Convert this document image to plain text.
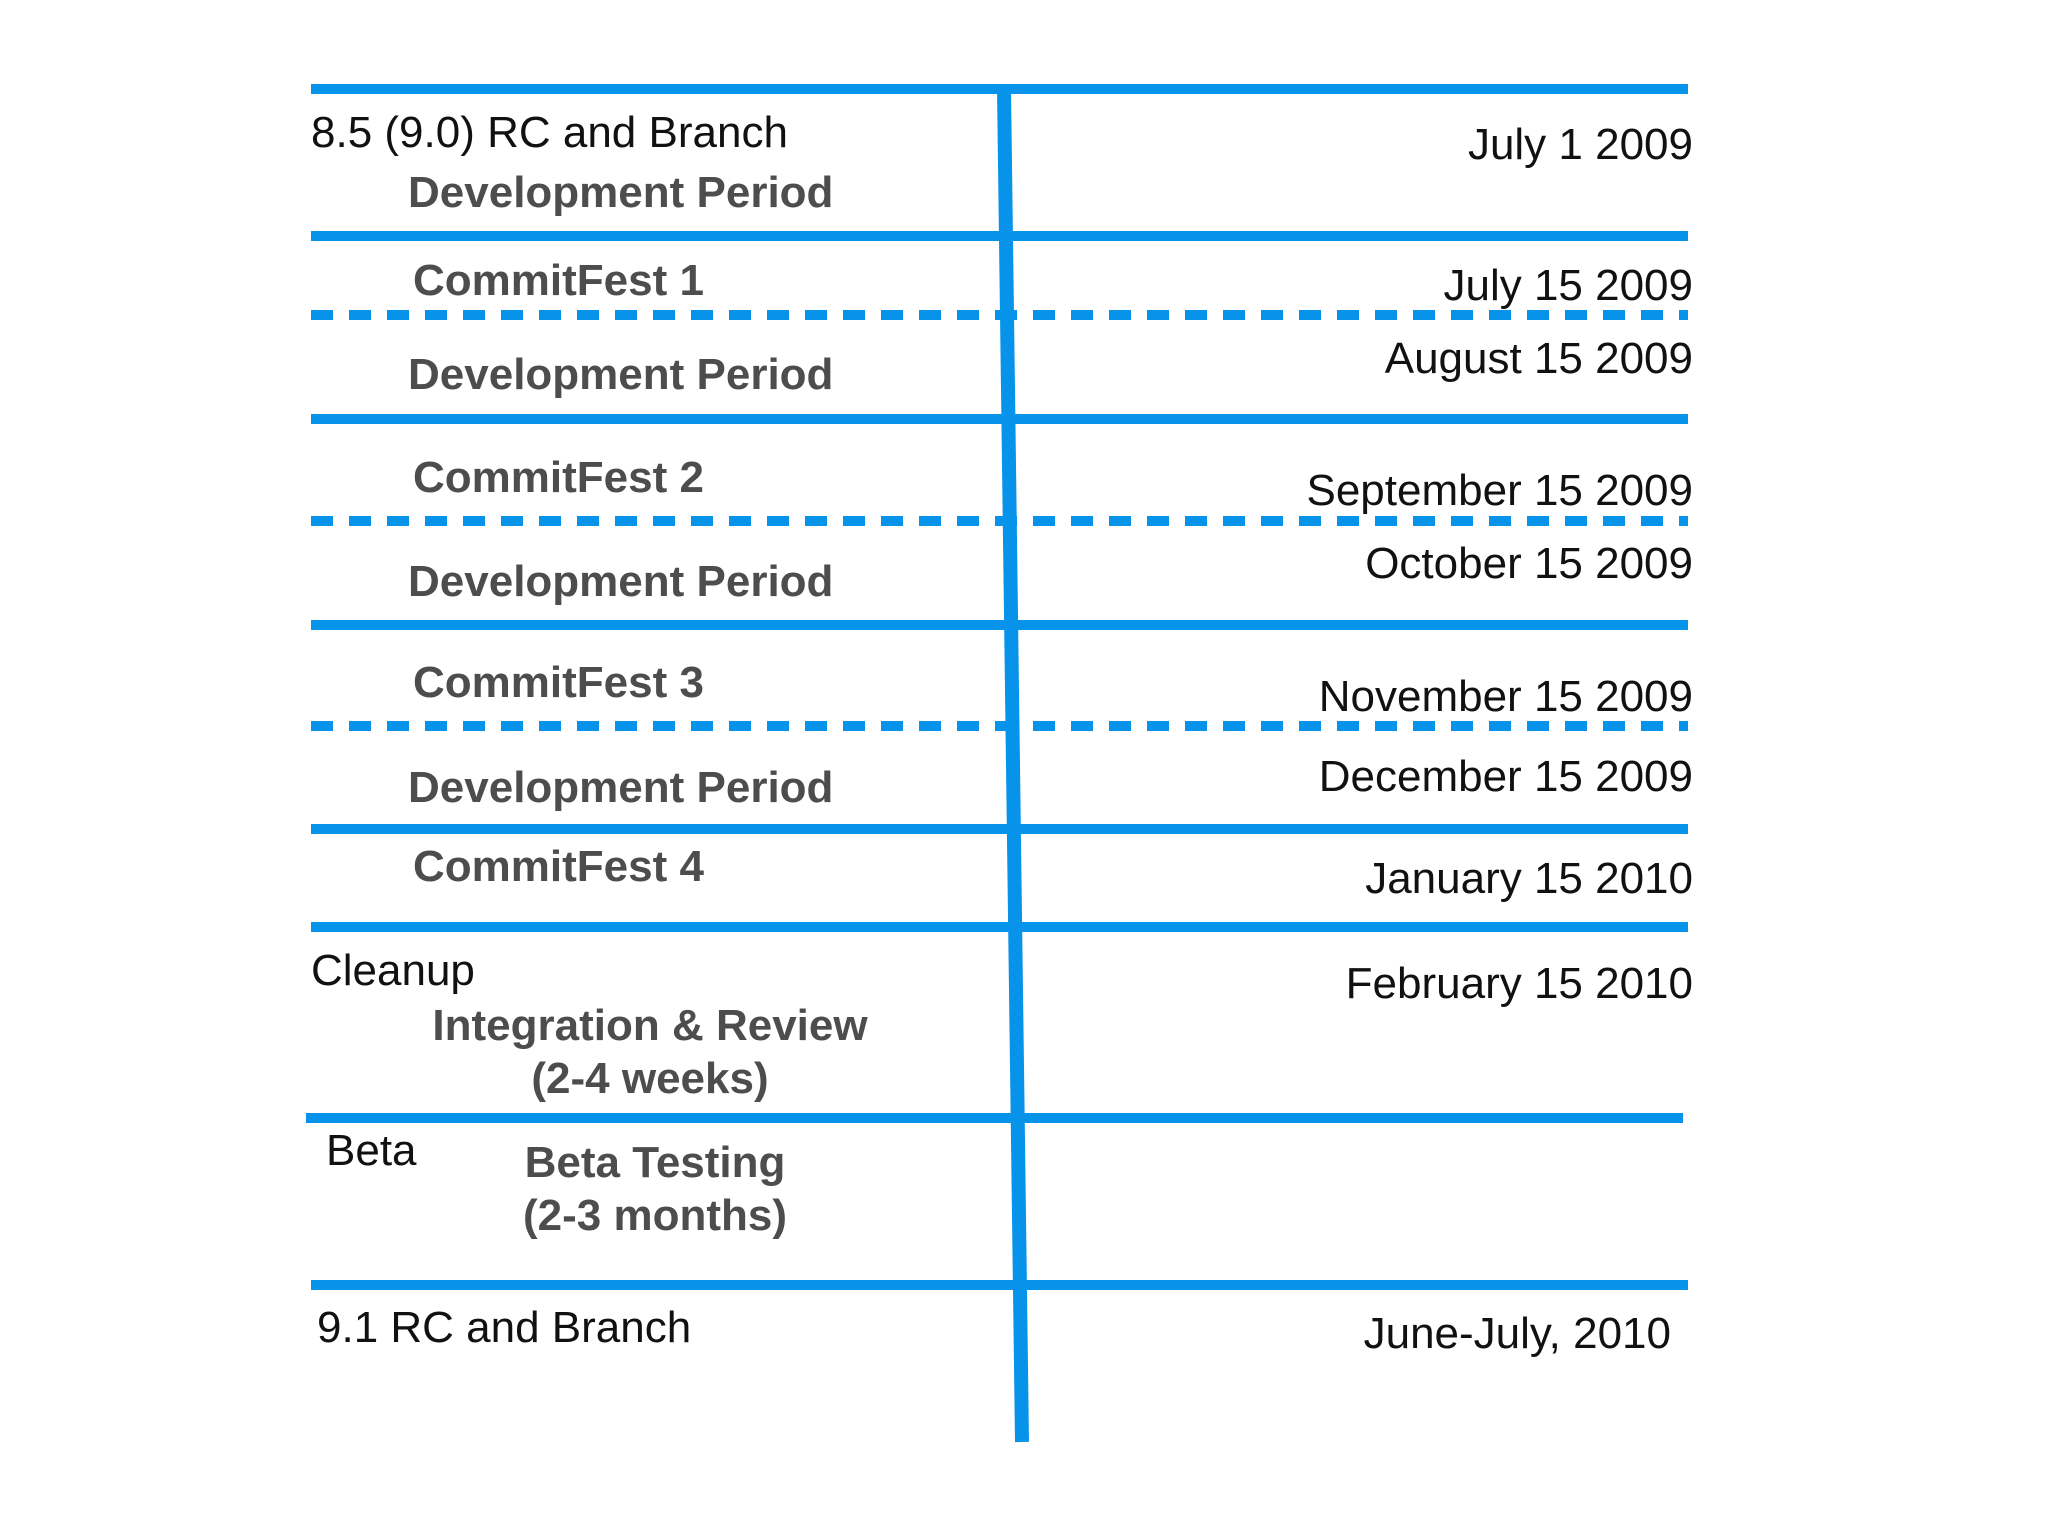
8.5 (9.0) RC and Branch
Cleanup
Beta
9.1 RC and Branch
Development Period
CommitFest 1
Development Period
CommitFest 2
Development Period
CommitFest 3
Development Period
CommitFest 4
Integration & Review
(2-4 weeks)
Beta Testing
(2-3 months)
July 1 2009
July 15 2009
August 15 2009
September 15 2009
October 15 2009
November 15 2009
December 15 2009
January 15 2010
February 15 2010
June-July, 2010
